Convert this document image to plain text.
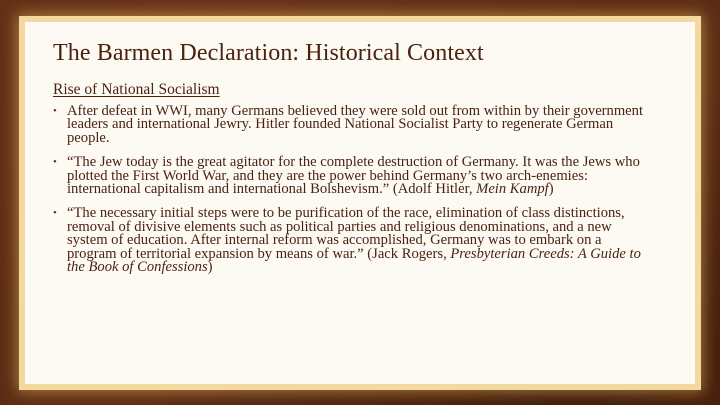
The Barmen Declaration: Historical Context
Rise of National Socialism
• After defeat in WWI, many Germans believed they were sold out from within by their government leaders and international Jewry. Hitler founded National Socialist Party to regenerate German people.
• “The Jew today is the great agitator for the complete destruction of Germany. It was the Jews who plotted the First World War, and they are the power behind Germany’s two arch-enemies: international capitalism and international Bolshevism.” (Adolf Hitler, Mein Kampf)
• “The necessary initial steps were to be purification of the race, elimination of class distinctions, removal of divisive elements such as political parties and religious denominations, and a new system of education. After internal reform was accomplished, Germany was to embark on a program of territorial expansion by means of war.” (Jack Rogers, Presbyterian Creeds: A Guide to the Book of Confessions)
